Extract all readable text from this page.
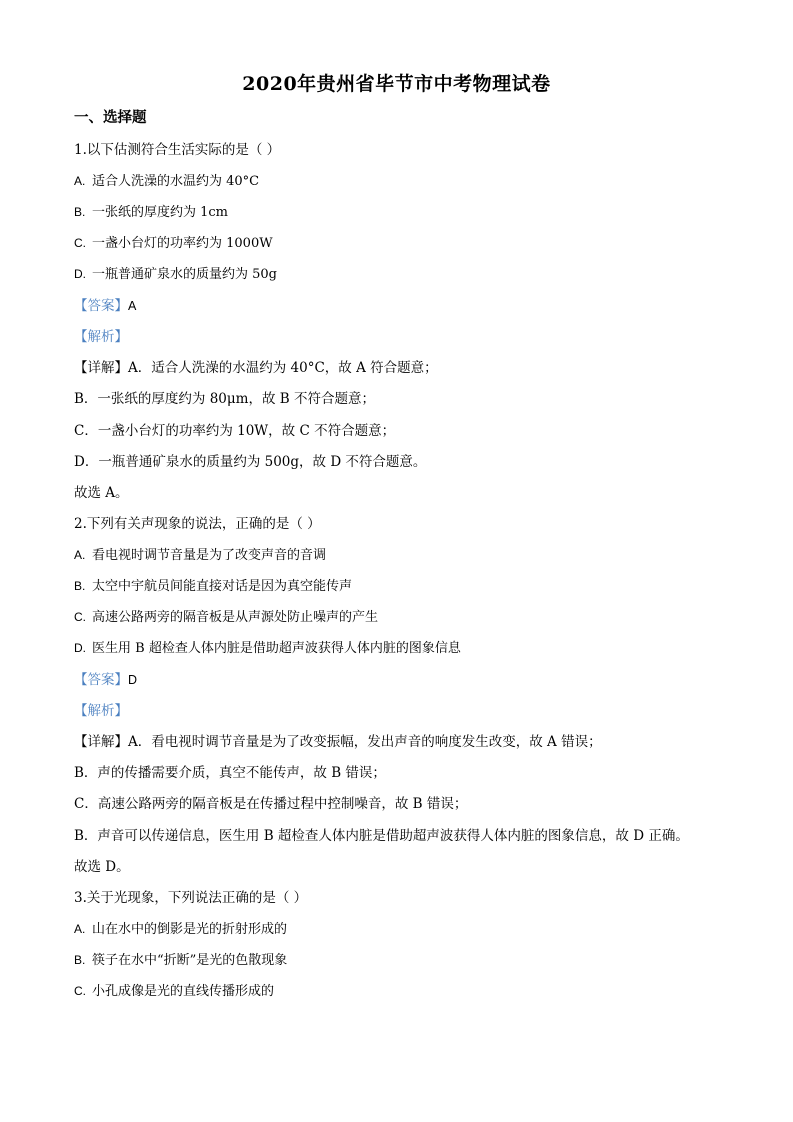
2020年贵州省毕节市中考物理试卷
一、选择题
1.以下估测符合生活实际的是（ ）
A. 适合人洗澡的水温约为 40°C
B. 一张纸的厚度约为 1cm
C. 一盏小台灯的功率约为 1000W
D. 一瓶普通矿泉水的质量约为 50g
【答案】A
【解析】
【详解】A．适合人洗澡的水温约为 40°C，故 A 符合题意；
B．一张纸的厚度约为 80μm，故 B 不符合题意；
C．一盏小台灯的功率约为 10W，故 C 不符合题意；
D．一瓶普通矿泉水的质量约为 500g，故 D 不符合题意。
故选 A。
2.下列有关声现象的说法，正确的是（ ）
A. 看电视时调节音量是为了改变声音的音调
B. 太空中宇航员间能直接对话是因为真空能传声
C. 高速公路两旁的隔音板是从声源处防止噪声的产生
D. 医生用 B 超检查人体内脏是借助超声波获得人体内脏的图象信息
【答案】D
【解析】
【详解】A．看电视时调节音量是为了改变振幅，发出声音的响度发生改变，故 A 错误；
B．声的传播需要介质，真空不能传声，故 B 错误；
C．高速公路两旁的隔音板是在传播过程中控制噪音，故 B 错误；
B．声音可以传递信息，医生用 B 超检查人体内脏是借助超声波获得人体内脏的图象信息，故 D 正确。
故选 D。
3.关于光现象，下列说法正确的是（ ）
A. 山在水中的倒影是光的折射形成的
B. 筷子在水中“折断”是光的色散现象
C. 小孔成像是光的直线传播形成的
